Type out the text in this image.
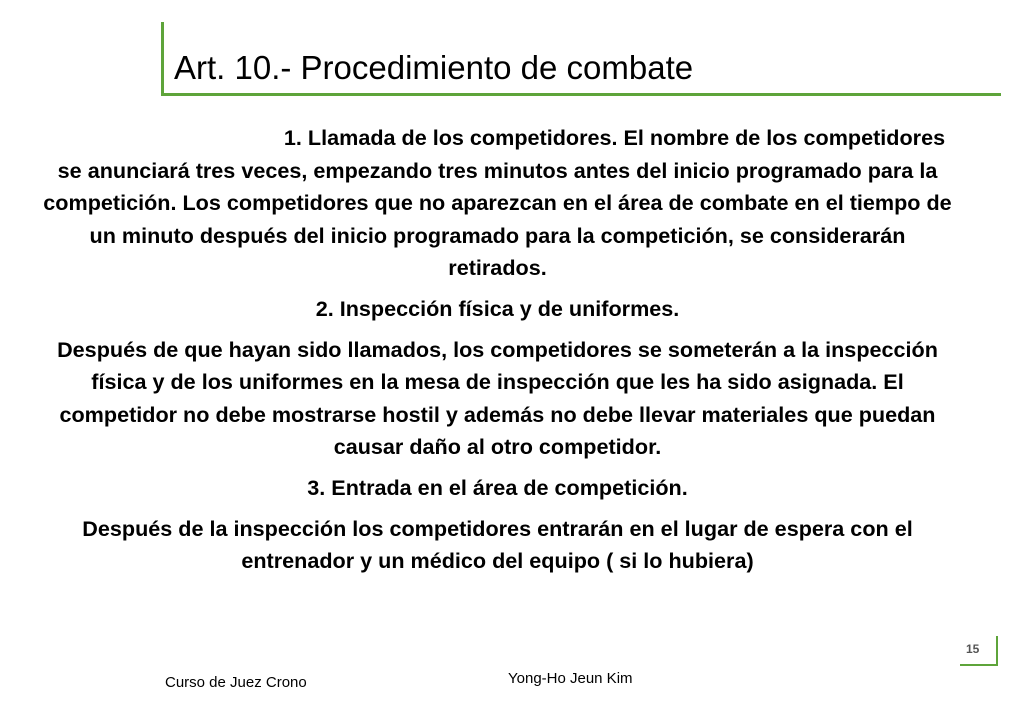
Art. 10.- Procedimiento de combate

1. Llamada de los competidores. El nombre de los competidores se anunciará tres veces, empezando tres minutos antes del inicio programado para la competición. Los competidores que no aparezcan en el área de combate en el tiempo de un minuto después del inicio programado para la competición, se considerarán retirados.

2. Inspección física y de uniformes.

Después de que hayan sido llamados, los competidores se someterán a la inspección física y de los uniformes en la mesa de inspección que les ha sido asignada. El competidor no debe mostrarse hostil y además no debe llevar materiales que puedan causar daño al otro competidor.

3. Entrada en el área de competición.

Después de la inspección los competidores entrarán en el lugar de espera con el entrenador y un médico del equipo ( si lo hubiera)

15
Curso de Juez Crono	Yong-Ho Jeun Kim
